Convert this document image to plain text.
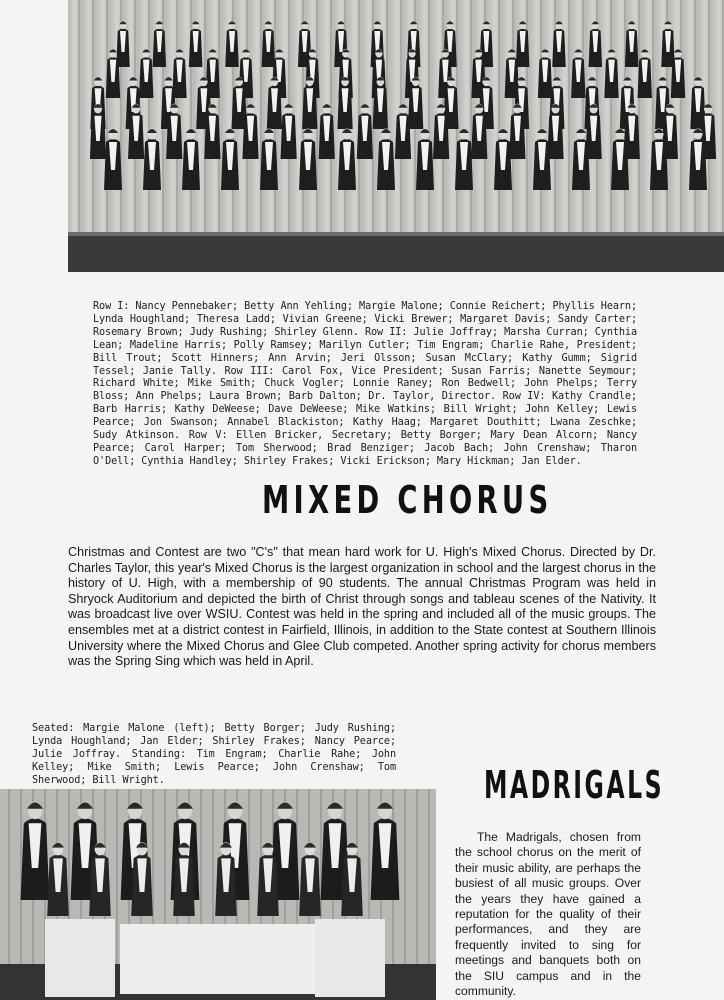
Row I: Nancy Pennebaker; Betty Ann Yehling; Margie Malone; Connie Reichert; Phyllis Hearn; Lynda Houghland; Theresa Ladd; Vivian Greene; Vicki Brewer; Margaret Davis; Sandy Carter; Rosemary Brown; Judy Rushing; Shirley Glenn. Row II: Julie Joffray; Marsha Curran; Cynthia Lean; Madeline Harris; Polly Ramsey; Marilyn Cutler; Tim Engram; Charlie Rahe, President; Bill Trout; Scott Hinners; Ann Arvin; Jeri Olsson; Susan McClary; Kathy Gumm; Sigrid Tessel; Janie Tally. Row III: Carol Fox, Vice President; Susan Farris; Nanette Seymour; Richard White; Mike Smith; Chuck Vogler; Lonnie Raney; Ron Bedwell; John Phelps; Terry Bloss; Ann Phelps; Laura Brown; Barb Dalton; Dr. Taylor, Director. Row IV: Kathy Crandle; Barb Harris; Kathy DeWeese; Dave DeWeese; Mike Watkins; Bill Wright; John Kelley; Lewis Pearce; Jon Swanson; Annabel Blackiston; Kathy Haag; Margaret Douthitt; Lwana Zeschke; Sudy Atkinson. Row V: Ellen Bricker, Secretary; Betty Borger; Mary Dean Alcorn; Nancy Pearce; Carol Harper; Tom Sherwood; Brad Benziger; Jacob Bach; John Crenshaw; Tharon O'Dell; Cynthia Handley; Shirley Frakes; Vicki Erickson; Mary Hickman; Jan Elder.

MIXED CHORUS

Christmas and Contest are two "C's" that mean hard work for U. High's Mixed Chorus. Directed by Dr. Charles Taylor, this year's Mixed Chorus is the largest organization in school and the largest chorus in the history of U. High, with a membership of 90 students. The annual Christmas Program was held in Shryock Auditorium and depicted the birth of Christ through songs and tableau scenes of the Nativity. It was broadcast live over WSIU. Contest was held in the spring and included all of the music groups. The ensembles met at a district contest in Fairfield, Illinois, in addition to the State contest at Southern Illinois University where the Mixed Chorus and Glee Club competed. Another spring activity for chorus members was the Spring Sing which was held in April.

Seated: Margie Malone (left); Betty Borger; Judy Rushing; Lynda Houghland; Jan Elder; Shirley Frakes; Nancy Pearce; Julie Joffray. Standing: Tim Engram; Charlie Rahe; John Kelley; Mike Smith; Lewis Pearce; John Crenshaw; Tom Sherwood; Bill Wright.	MADRIGALS

The Madrigals, chosen from the school chorus on the merit of their music ability, are perhaps the busiest of all music groups. Over the years they have gained a reputation for the quality of their performances, and they are frequently invited to sing for meetings and banquets both on the SIU campus and in the community.
